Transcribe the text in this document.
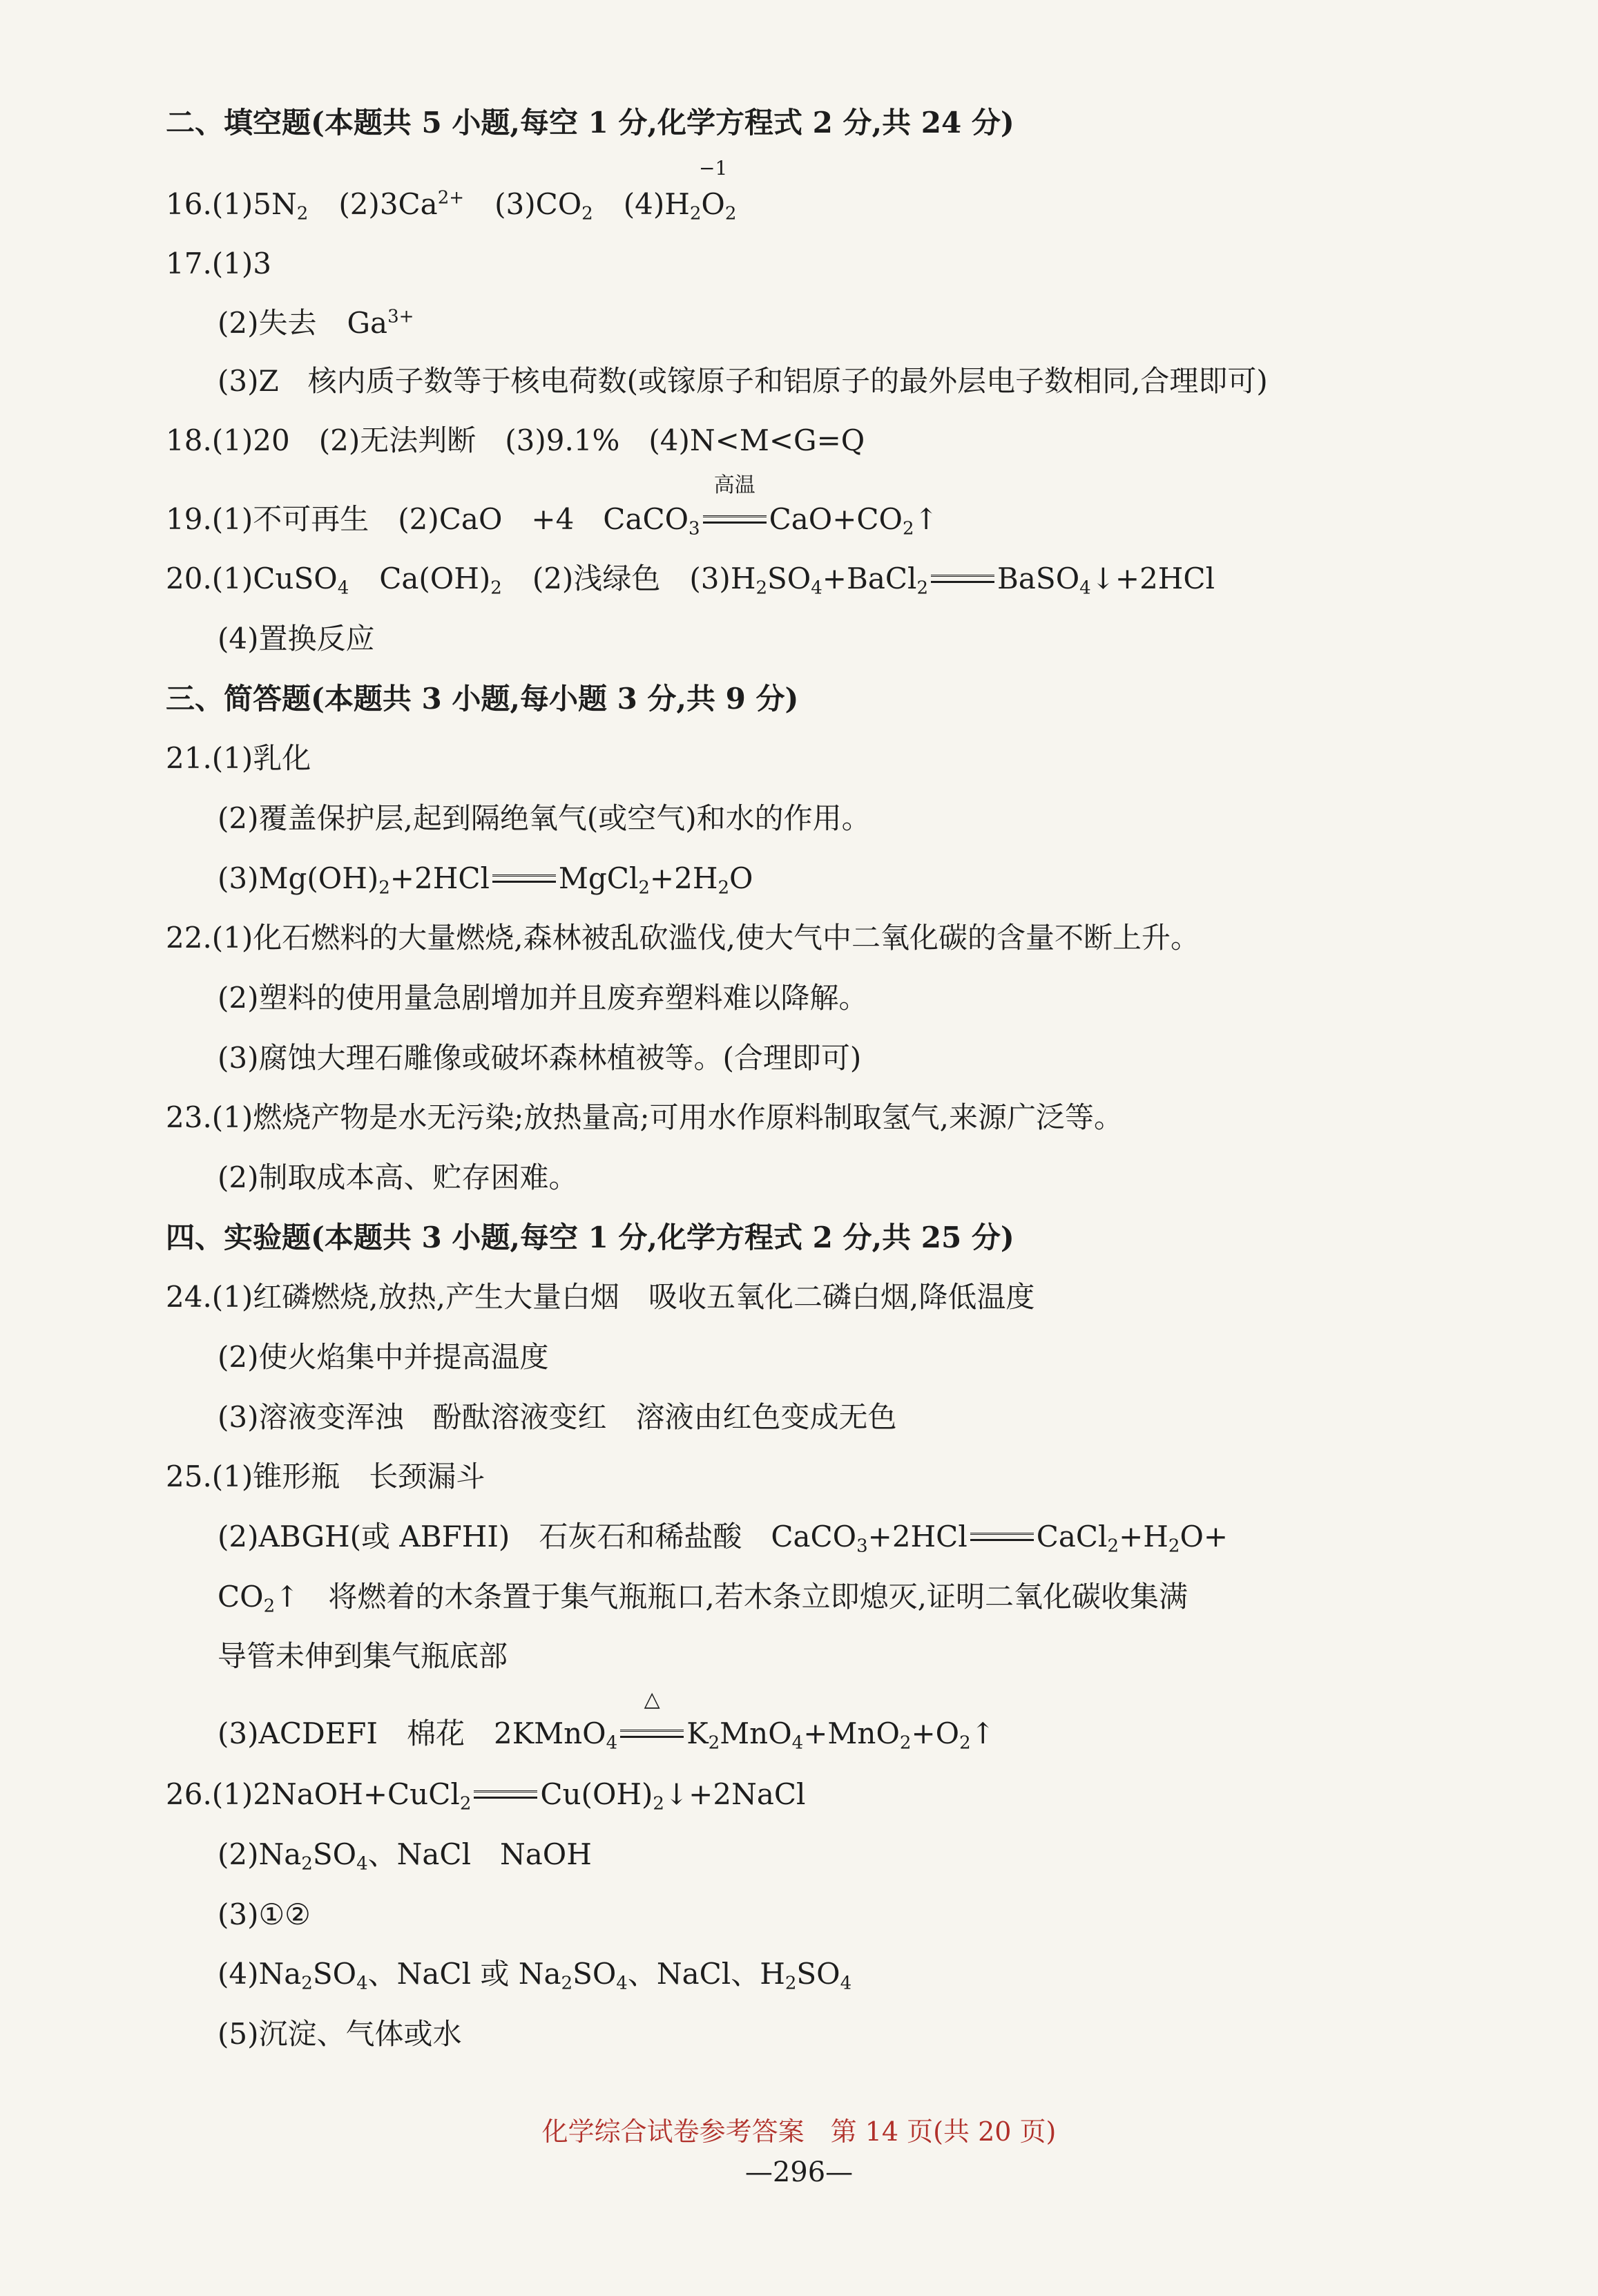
二、填空题(本题共 5 小题,每空 1 分,化学方程式 2 分,共 24 分)
$16.(1)5N_2$ $(2)3Ca^{2+}$ $(3)CO_2$ $(4)H_2$
−1
$O_2$
17.(1)3
(2)失去 $Ga^{3+}$
(3)Z　核内质子数等于核电荷数(或镓原子和铝原子的最外层电子数相同,合理即可)
18.(1)20　(2)无法判断　(3)9.1%　(4)N<M<G=Q
19.(1)不可再生　(2)CaO　+4　CaCO$_3$
高温
$CaO+CO_2↑$
20.(1)CuSO$_4$ $Ca(OH)_2$ (2)浅绿色　$(3)H_2SO_4+BaCl_2$ BaSO$_4$↓+2HCl
(4)置换反应
三、简答题(本题共 3 小题,每小题 3 分,共 9 分)
21.(1)乳化
(2)覆盖保护层,起到隔绝氧气(或空气)和水的作用。
$(3)Mg(OH)_2+2HCl$ $MgCl_2+2H_2O$
22.(1)化石燃料的大量燃烧,森林被乱砍滥伐,使大气中二氧化碳的含量不断上升。
(2)塑料的使用量急剧增加并且废弃塑料难以降解。
(3)腐蚀大理石雕像或破坏森林植被等。(合理即可)
23.(1)燃烧产物是水无污染;放热量高;可用水作原料制取氢气,来源广泛等。
(2)制取成本高、贮存困难。
四、实验题(本题共 3 小题,每空 1 分,化学方程式 2 分,共 25 分)
24.(1)红磷燃烧,放热,产生大量白烟　吸收五氧化二磷白烟,降低温度
(2)使火焰集中并提高温度
(3)溶液变浑浊　酚酞溶液变红　溶液由红色变成无色
25.(1)锥形瓶　长颈漏斗
(2)ABGH(或 ABFHI)　石灰石和稀盐酸　CaCO$_3$+2HCl $CaCl_2+H_2O+$
$CO_2↑$　将燃着的木条置于集气瓶瓶口,若木条立即熄灭,证明二氧化碳收集满
导管未伸到集气瓶底部
(3)ACDEFI　棉花　2KMnO$_4$
△
$K_2MnO_4+MnO_2+O_2↑$
26.(1)2NaOH+CuCl$_2$ $Cu(OH)_2↓+2NaCl$
$(2)Na_2SO_4$、NaCl　NaOH
(3)①②
$(4)Na_2SO_4$、NaCl 或 $Na_2SO_4$、NaCl、$H_2SO_4$
(5)沉淀、气体或水
化学综合试卷参考答案　第 14 页(共 20 页)
—296—
